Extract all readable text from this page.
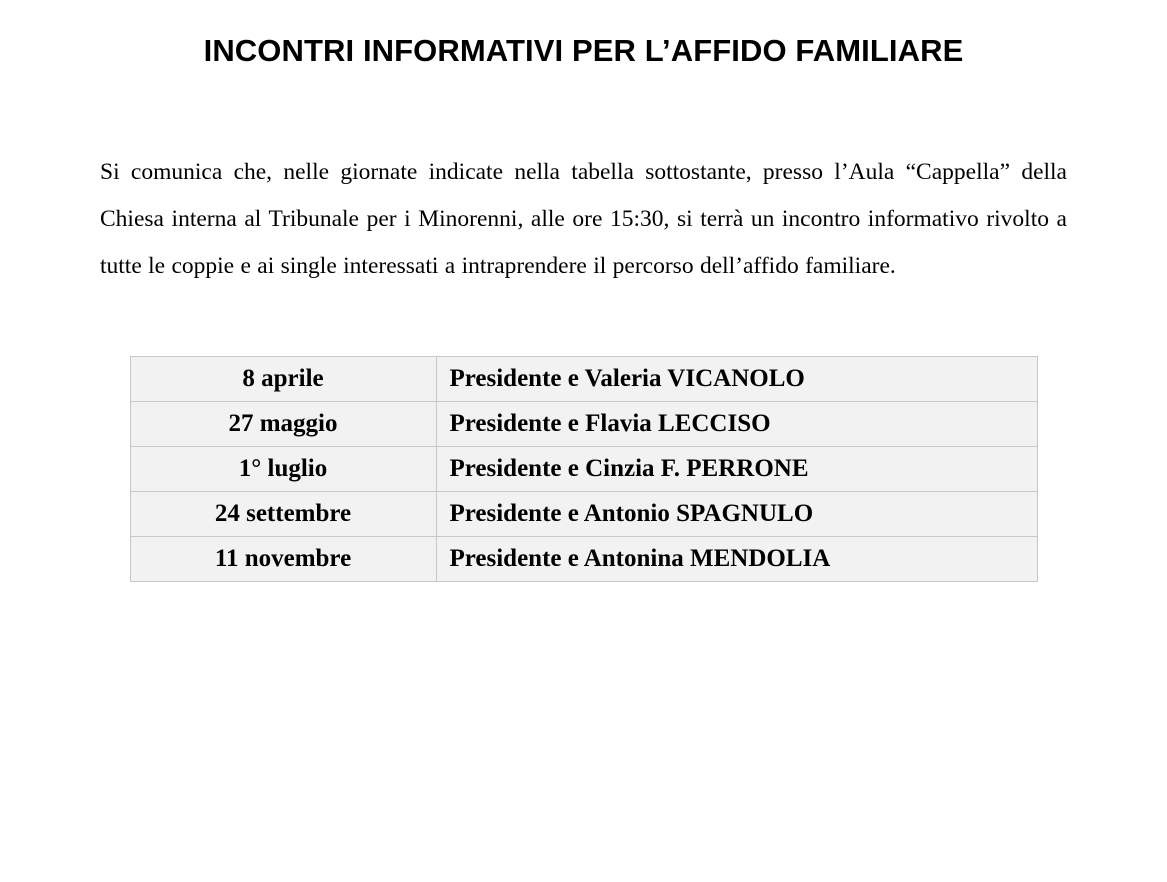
INCONTRI INFORMATIVI PER L’AFFIDO FAMILIARE

Si comunica che, nelle giornate indicate nella tabella sottostante, presso l’Aula “Cappella” della Chiesa interna al Tribunale per i Minorenni, alle ore 15:30, si terrà un incontro informativo rivolto a tutte le coppie e ai single interessati a intraprendere il percorso dell’affido familiare.

8 aprile	Presidente e Valeria VICANOLO
27 maggio	Presidente e Flavia LECCISO
1° luglio	Presidente e Cinzia F. PERRONE
24 settembre	Presidente e Antonio SPAGNULO
11 novembre	Presidente e Antonina MENDOLIA
